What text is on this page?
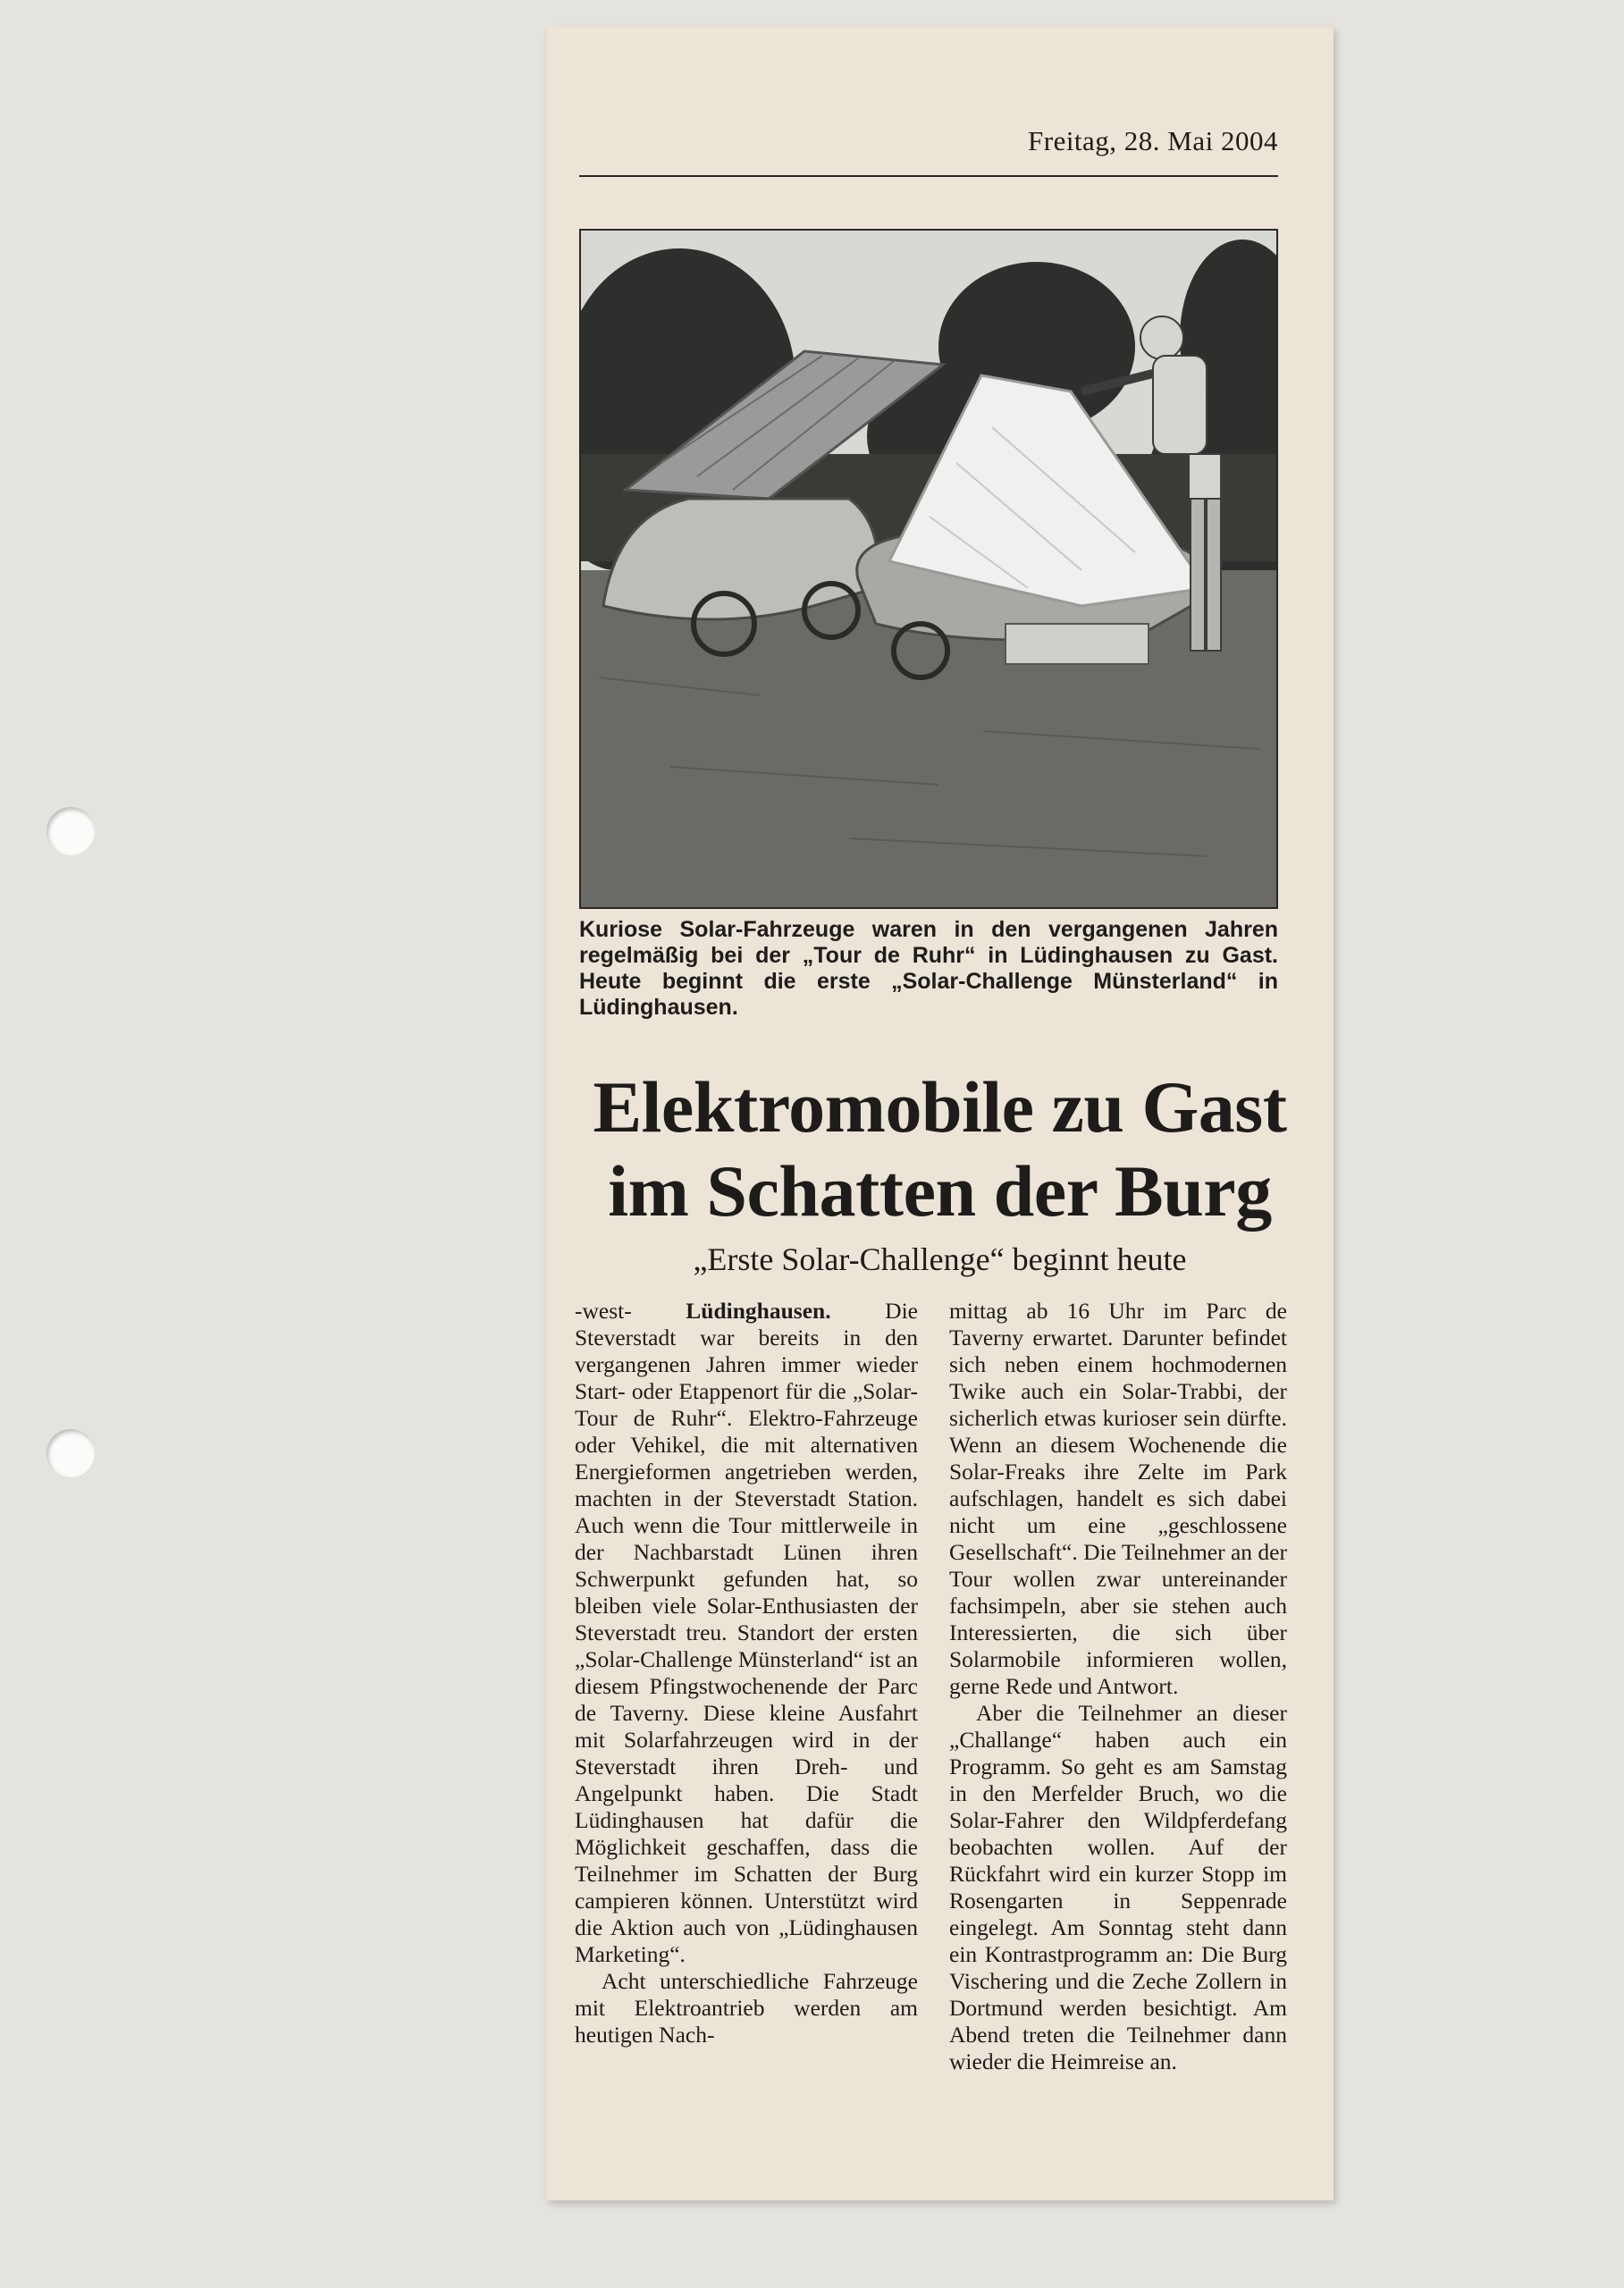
Freitag, 28. Mai 2004
Kuriose Solar-Fahrzeuge waren in den vergangenen Jahren regelmäßig bei der „Tour de Ruhr“ in Lüdinghausen zu Gast. Heute beginnt die erste „Solar-Challenge Münsterland“ in Lüdinghausen.
Elektromobile zu Gast
im Schatten der Burg
„Erste Solar-Challenge“ beginnt heute

-west- Lüdinghausen. Die Steverstadt war bereits in den vergangenen Jahren immer wieder Start- oder Etappenort für die „Solar-Tour de Ruhr“. Elektro-Fahrzeuge oder Vehikel, die mit alternativen Energieformen angetrieben werden, machten in der Steverstadt Station. Auch wenn die Tour mittlerweile in der Nachbarstadt Lünen ihren Schwerpunkt gefunden hat, so bleiben viele Solar-Enthusiasten der Steverstadt treu. Standort der ersten „Solar-Challenge Münsterland“ ist an diesem Pfingstwochenende der Parc de Taverny. Diese kleine Ausfahrt mit Solarfahrzeugen wird in der Steverstadt ihren Dreh- und Angelpunkt haben. Die Stadt Lüdinghausen hat dafür die Möglichkeit geschaffen, dass die Teilnehmer im Schatten der Burg campieren können. Unterstützt wird die Aktion auch von „Lüdinghausen Marketing“.

Acht unterschiedliche Fahrzeuge mit Elektroantrieb werden am heutigen Nach-

mittag ab 16 Uhr im Parc de Taverny erwartet. Darunter befindet sich neben einem hochmodernen Twike auch ein Solar-Trabbi, der sicherlich etwas kurioser sein dürfte. Wenn an diesem Wochenende die Solar-Freaks ihre Zelte im Park aufschlagen, handelt es sich dabei nicht um eine „geschlossene Gesellschaft“. Die Teilnehmer an der Tour wollen zwar untereinander fachsimpeln, aber sie stehen auch Interessierten, die sich über Solarmobile informieren wollen, gerne Rede und Antwort.

Aber die Teilnehmer an dieser „Challange“ haben auch ein Programm. So geht es am Samstag in den Merfelder Bruch, wo die Solar-Fahrer den Wildpferdefang beobachten wollen. Auf der Rückfahrt wird ein kurzer Stopp im Rosengarten in Seppenrade eingelegt. Am Sonntag steht dann ein Kontrastprogramm an: Die Burg Vischering und die Zeche Zollern in Dortmund werden besichtigt. Am Abend treten die Teilnehmer dann wieder die Heimreise an.
